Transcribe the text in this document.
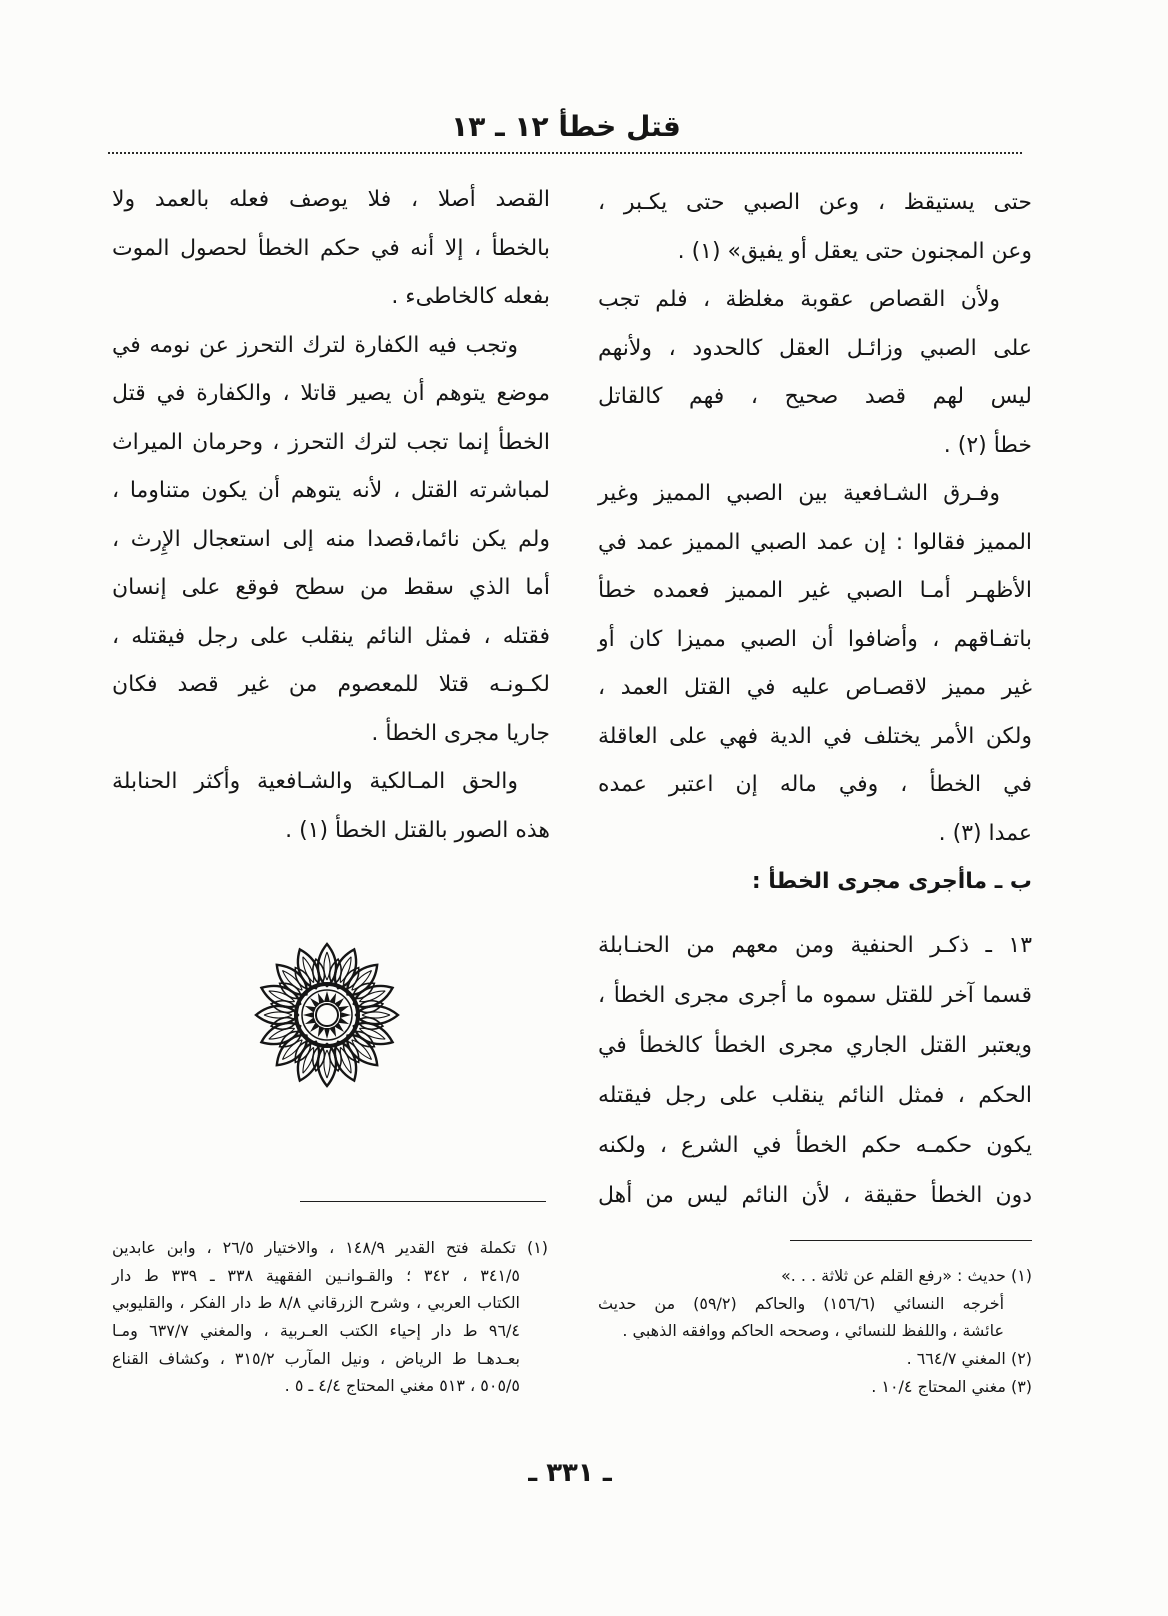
قتل خطأ ١٢ ـ ١٣
حتى يستيقظ ، وعن الصبي حتى يكـبر ،
وعن المجنون حتى يعقل أو يفيق» (١) .
ولأن القصاص عقوبة مغلظة ، فلم تجب
على الصبي وزائـل العقل كالحدود ، ولأنهم
ليس لهم قصد صحيح ، فهم كالقاتل
خطأ (٢) .
وفـرق الشـافعية بين الصبي المميز وغير
المميز فقالوا : إن عمد الصبي المميز عمد في
الأظهـر أمـا الصبي غير المميز فعمده خطأ
باتفـاقهم ، وأضافوا أن الصبي مميزا كان أو
غير مميز لاقصـاص عليه في القتل العمد ،
ولكن الأمر يختلف في الدية فهي على العاقلة
في الخطأ ، وفي ماله إن اعتبر عمده
عمدا (٣) .
ب ـ ماأجرى مجرى الخطأ :
١٣ ـ ذكـر الحنفية ومن معهم من الحنـابلة
قسما آخر للقتل سموه ما أجرى مجرى الخطأ ،
ويعتبر القتل الجاري مجرى الخطأ كالخطأ في
الحكم ، فمثل النائم ينقلب على رجل فيقتله
يكون حكمـه حكم الخطأ في الشرع ، ولكنه
دون الخطأ حقيقة ، لأن النائم ليس من أهل
القصد أصلا ، فلا يوصف فعله بالعمد ولا
بالخطأ ، إلا أنه في حكم الخطأ لحصول الموت
بفعله كالخاطىء .
وتجب فيه الكفارة لترك التحرز عن نومه في
موضع يتوهم أن يصير قاتلا ، والكفارة في قتل
الخطأ إنما تجب لترك التحرز ، وحرمان الميراث
لمباشرته القتل ، لأنه يتوهم أن يكون متناوما ،
ولم يكن نائما،قصدا منه إلى استعجال الإِرث ،
أما الذي سقط من سطح فوقع على إنسان
فقتله ، فمثل النائم ينقلب على رجل فيقتله ،
لكـونـه قتلا للمعصوم من غير قصد فكان
جاريا مجرى الخطأ .
والحق المـالكية والشـافعية وأكثر الحنابلة
هذه الصور بالقتل الخطأ (١) .
(١) حديث : «رفع القلم عن ثلاثة . . .»
أخرجه النسائي (١٥٦/٦) والحاكم (٥٩/٢) من حديث
عائشة ، واللفظ للنسائي ، وصححه الحاكم ووافقه الذهبي .
(٢) المغني ٦٦٤/٧ .
(٣) مغني المحتاج ١٠/٤ .
(١) تكملة فتح القدير ١٤٨/٩ ، والاختيار ٢٦/٥ ، وابن عابدين
٣٤١/٥ ، ٣٤٢ ؛ والقـوانـين الفقهية ٣٣٨ ـ ٣٣٩ ط دار
الكتاب العربي ، وشرح الزرقاني ٨/٨ ط دار الفكر ، والقليوبي
٩٦/٤ ط دار إحياء الكتب العـربية ، والمغني ٦٣٧/٧ ومـا
بعـدهـا ط الرياض ، ونيل المآرب ٣١٥/٢ ، وكشاف القناع
٥٠٥/٥ ، ٥١٣ مغني المحتاج ٤/٤ ـ ٥ .
ـ ٣٣١ ـ
